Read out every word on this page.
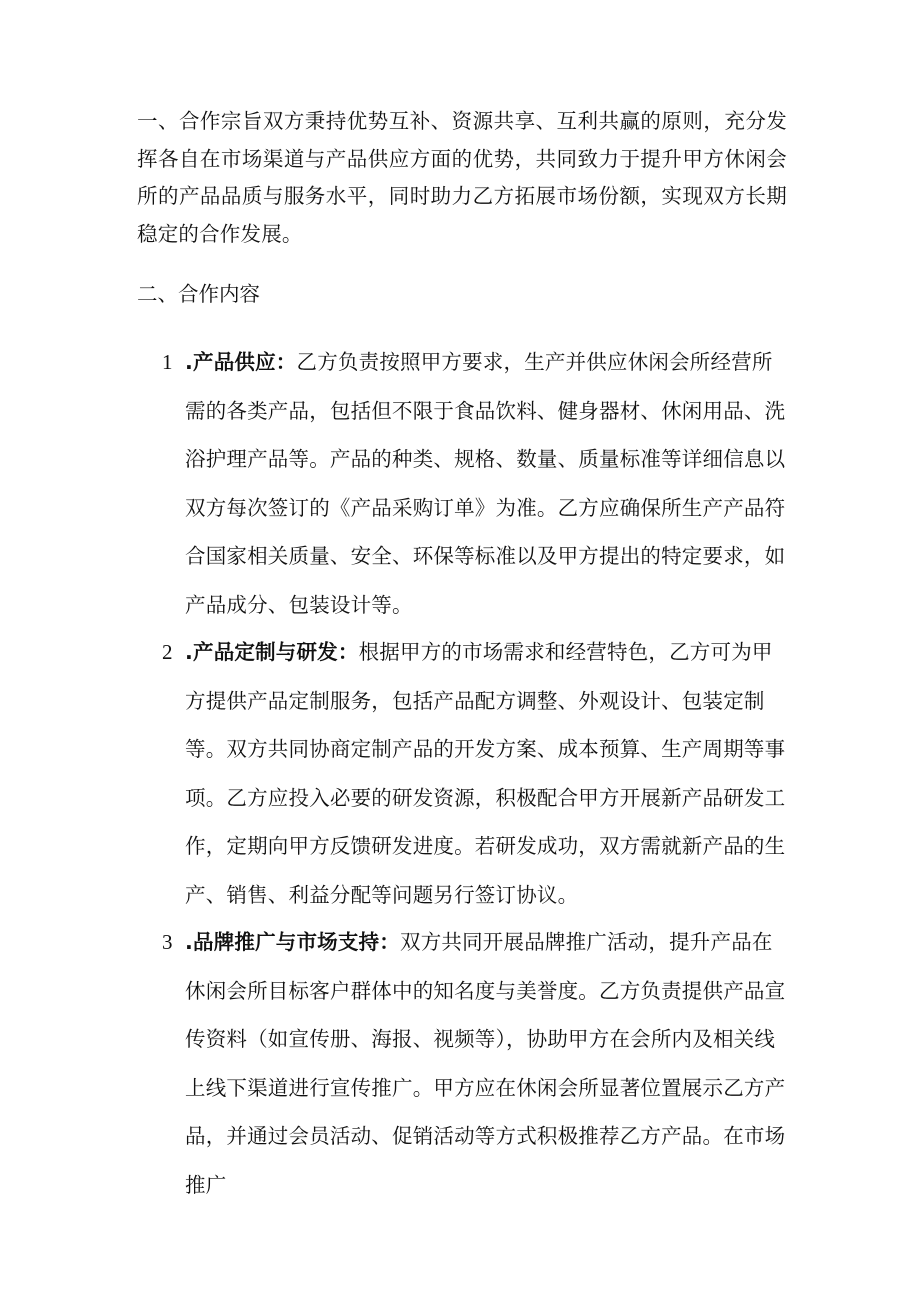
一、合作宗旨双方秉持优势互补、资源共享、互利共赢的原则，充分发挥各自在市场渠道与产品供应方面的优势，共同致力于提升甲方休闲会所的产品品质与服务水平，同时助力乙方拓展市场份额，实现双方长期稳定的合作发展。

二、合作内容

1 .产品供应：乙方负责按照甲方要求，生产并供应休闲会所经营所需的各类产品，包括但不限于食品饮料、健身器材、休闲用品、洗浴护理产品等。产品的种类、规格、数量、质量标准等详细信息以双方每次签订的《产品采购订单》为准。乙方应确保所生产产品符合国家相关质量、安全、环保等标准以及甲方提出的特定要求，如产品成分、包装设计等。

2 .产品定制与研发：根据甲方的市场需求和经营特色，乙方可为甲方提供产品定制服务，包括产品配方调整、外观设计、包装定制等。双方共同协商定制产品的开发方案、成本预算、生产周期等事项。乙方应投入必要的研发资源，积极配合甲方开展新产品研发工作，定期向甲方反馈研发进度。若研发成功，双方需就新产品的生产、销售、利益分配等问题另行签订协议。

3 .品牌推广与市场支持：双方共同开展品牌推广活动，提升产品在休闲会所目标客户群体中的知名度与美誉度。乙方负责提供产品宣传资料（如宣传册、海报、视频等），协助甲方在会所内及相关线上线下渠道进行宣传推广。甲方应在休闲会所显著位置展示乙方产品，并通过会员活动、促销活动等方式积极推荐乙方产品。在市场推广
